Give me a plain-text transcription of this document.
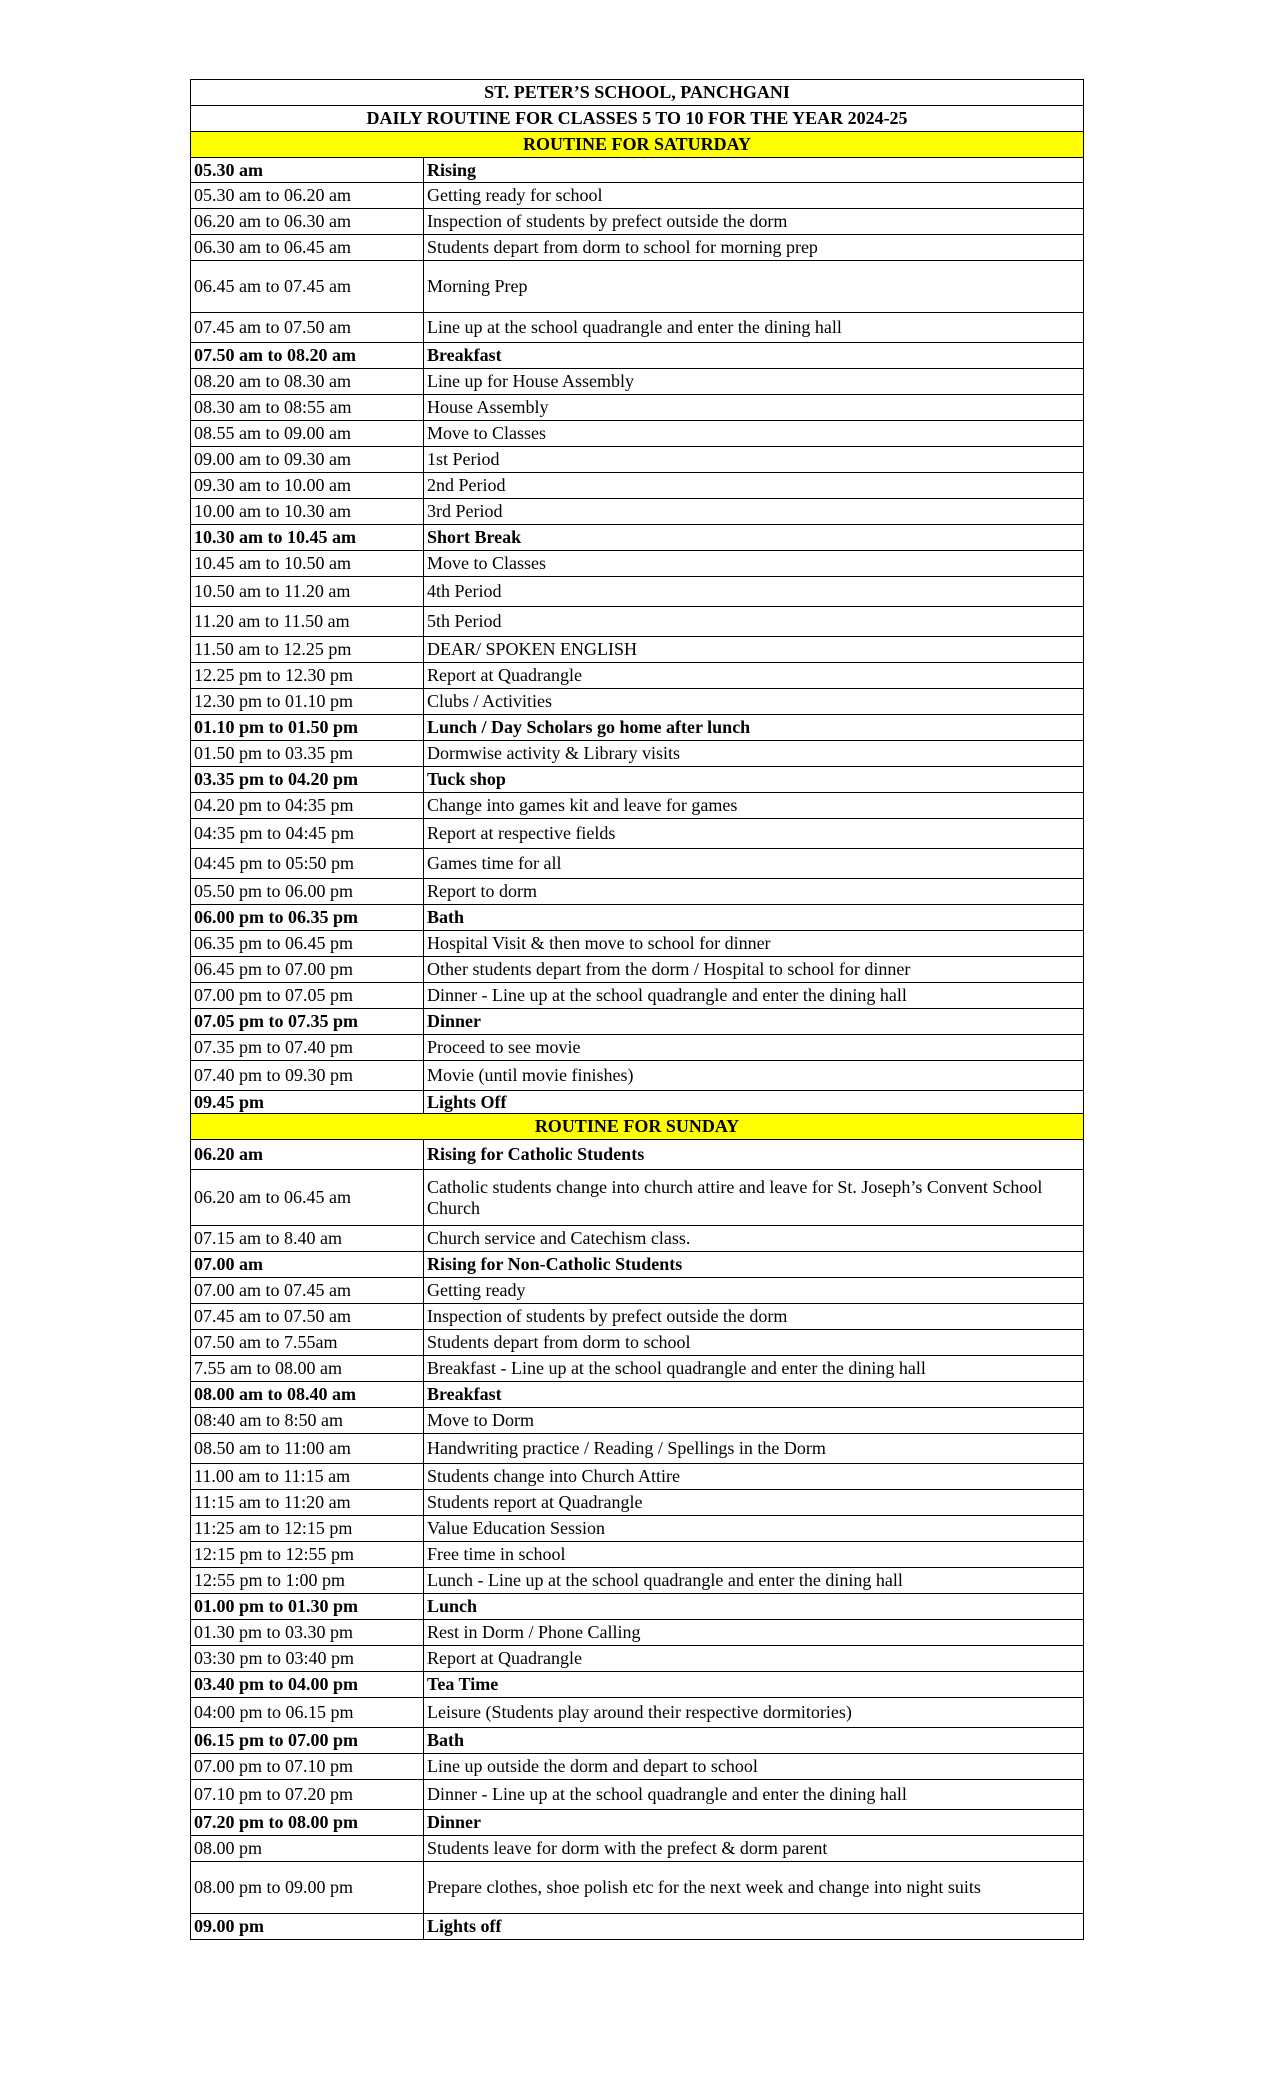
ST. PETER’S SCHOOL, PANCHGANI	
DAILY ROUTINE FOR CLASSES 5 TO 10 FOR THE YEAR 2024-25	
ROUTINE FOR SATURDAY	
05.30 am	Rising
05.30 am to 06.20 am	Getting ready for school
06.20 am to 06.30 am	Inspection of students by prefect outside the dorm
06.30 am to 06.45 am	Students depart from dorm to school for morning prep
06.45 am to 07.45 am	Morning Prep
07.45 am to 07.50 am	Line up at the school quadrangle and enter the dining hall
07.50 am to 08.20 am	Breakfast
08.20 am to 08.30 am	Line up for House Assembly
08.30 am to 08:55 am	House Assembly
08.55 am to 09.00 am	Move to Classes
09.00 am to 09.30 am	1st Period
09.30 am to 10.00 am	2nd Period
10.00 am to 10.30 am	3rd Period
10.30 am to 10.45 am	Short Break
10.45 am to 10.50 am	Move to Classes
10.50 am to 11.20 am	4th Period
11.20 am to 11.50 am	5th Period
11.50 am to 12.25 pm	DEAR/ SPOKEN ENGLISH
12.25 pm to 12.30 pm	Report at Quadrangle
12.30 pm to 01.10 pm	Clubs / Activities
01.10 pm to 01.50 pm	Lunch / Day Scholars go home after lunch
01.50 pm to 03.35 pm	Dormwise activity & Library visits
03.35 pm to 04.20 pm	Tuck shop
04.20 pm to 04:35 pm	Change into games kit and leave for games
04:35 pm to 04:45 pm	Report at respective fields
04:45 pm to 05:50 pm	Games time for all
05.50 pm to 06.00 pm	Report to dorm
06.00 pm to 06.35 pm	Bath
06.35 pm to 06.45 pm	Hospital Visit & then move to school for dinner
06.45 pm to 07.00 pm	Other students depart from the dorm / Hospital to school for dinner
07.00 pm to 07.05 pm	Dinner - Line up at the school quadrangle and enter the dining hall
07.05 pm to 07.35 pm	Dinner
07.35 pm to 07.40 pm	Proceed to see movie
07.40 pm to 09.30 pm	Movie (until movie finishes)
09.45 pm	Lights Off
ROUTINE FOR SUNDAY	
06.20 am	Rising for Catholic Students
06.20 am to 06.45 am	Catholic students change into church attire and leave for St. Joseph’s Convent School Church
07.15 am to 8.40 am	Church service and Catechism class.
07.00 am	Rising for Non-Catholic Students
07.00 am to 07.45 am	Getting ready
07.45 am to 07.50 am	Inspection of students by prefect outside the dorm
07.50 am to 7.55am	Students depart from dorm to school
7.55 am to 08.00 am	Breakfast - Line up at the school quadrangle and enter the dining hall
08.00 am to 08.40 am	Breakfast
08:40 am to 8:50 am	Move to Dorm
08.50 am to 11:00 am	Handwriting practice / Reading / Spellings in the Dorm
11.00 am to 11:15 am	Students change into Church Attire
11:15 am to 11:20 am	Students report at Quadrangle
11:25 am to 12:15 pm	Value Education Session
12:15 pm to 12:55 pm	Free time in school
12:55 pm to 1:00 pm	Lunch - Line up at the school quadrangle and enter the dining hall
01.00 pm to 01.30 pm	Lunch
01.30 pm to 03.30 pm	Rest in Dorm / Phone Calling
03:30 pm to 03:40 pm	Report at Quadrangle
03.40 pm to 04.00 pm	Tea Time
04:00 pm to 06.15 pm	Leisure (Students play around their respective dormitories)
06.15 pm to 07.00 pm	Bath
07.00 pm to 07.10 pm	Line up outside the dorm and depart to school
07.10 pm to 07.20 pm	Dinner - Line up at the school quadrangle and enter the dining hall
07.20 pm to 08.00 pm	Dinner
08.00 pm	Students leave for dorm with the prefect & dorm parent
08.00 pm to 09.00 pm	Prepare clothes, shoe polish etc for the next week and change into night suits
09.00 pm	Lights off
